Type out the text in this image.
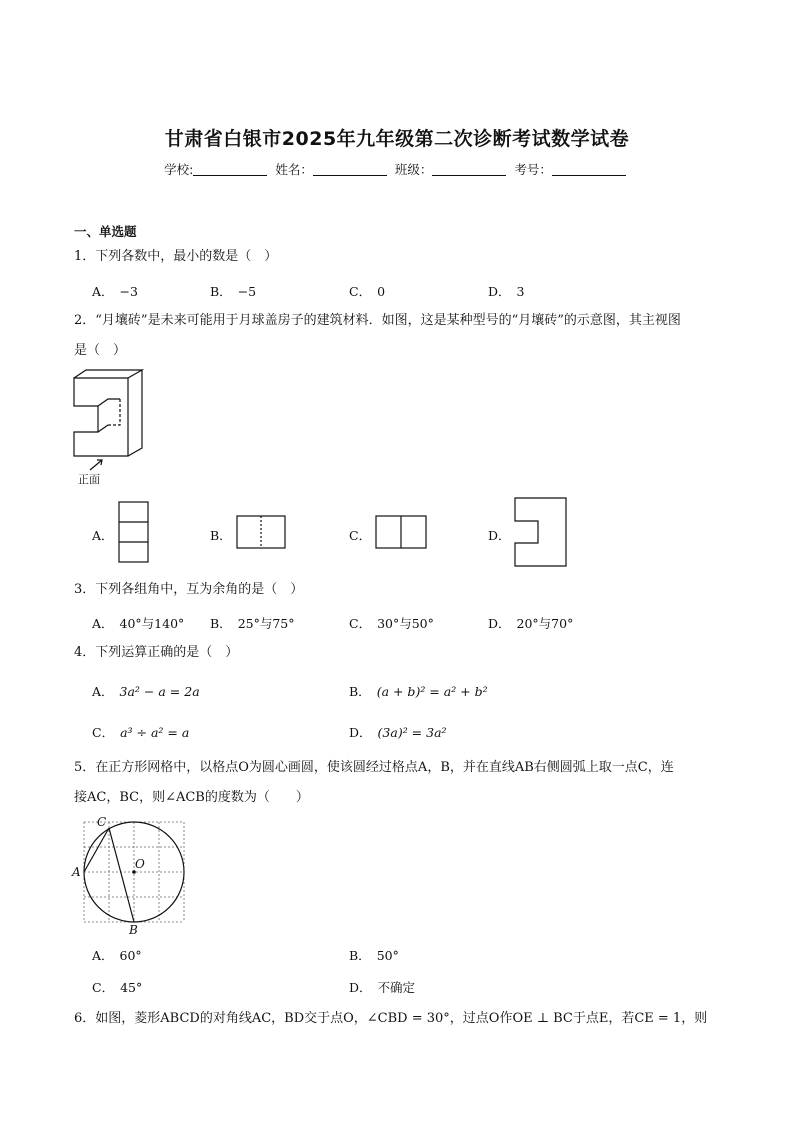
甘肃省白银市2025年九年级第二次诊断考试数学试卷
学校:	姓名：	班级：	考号：
一、单选题
1．下列各数中，最小的数是（　）
A． −3	B． −5	C． 0	D． 3
2．“月壤砖”是未来可能用于月球盖房子的建筑材料．如图，这是某种型号的“月壤砖”的示意图，其主视图
是（　）
正面
A．	B．	C．	D．
3．下列各组角中，互为余角的是（　）
A． 40°与140° B． 25°与75°	C． 30°与50°	D． 20°与70°
4．下列运算正确的是（　）
A． 3a² − a = 2a	B． (a + b)² = a² + b²
C． a³ ÷ a² = a	D． (3a)² = 3a²
5．在正方形网格中，以格点O为圆心画圆，使该圆经过格点A，B，并在直线AB右侧圆弧上取一点C，连
接AC，BC，则∠ACB的度数为（　　）
A
B
C
O
A． 60°	B． 50°
C． 45°	D． 不确定
6．如图，菱形ABCD的对角线AC，BD交于点O，∠CBD = 30°，过点O作OE ⊥ BC于点E，若CE = 1，则
